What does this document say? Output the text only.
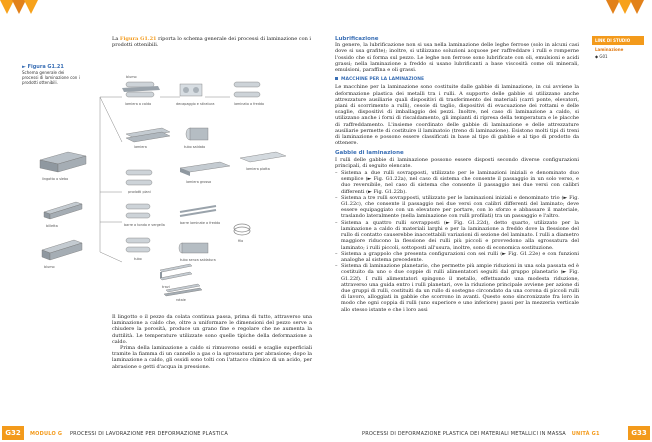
La Figura G1.21 riporta lo schema generale dei processi di laminazione con i prodotti ottenibili.
► Figura G1.21
Schema generale dei processi di laminazione con i prodotti ottenibili.
lingotto o slebo
billetta
blumo
lamiera a caldo	decapaggio e stiratura	laminato a freddo
lamiera	tubo saldato
prodotti piani
lamiera grossa
lamiera piatta
barre a tondo e vergella	barre laminate a freddo
filo
tubo	tubo senza saldatura
travi
rotaie
blumo

Il lingotto o il pezzo da colata continua passa, prima di tutto, attraverso una laminazione a caldo che, oltre a uniformare le dimensioni del pezzo serve a chiudere la porosità, produce un grano fine e regolare che ne aumenta la duttilità. Le temperature utilizzate sono quelle tipiche della deformazione a caldo.

Prima della laminazione a caldo si rimuovono ossidi e scaglie superficiali tramite la fiamma di un cannello a gas o la sgrossatura per abrasione; dopo la laminazione a caldo, gli ossidi sono tolti con l'attacco chimico di un acido, per abrasione o getti d'acqua in pressione.

Lubrificazione

In genere, la lubrificazione non si usa nella laminazione delle leghe ferrose (solo in alcuni casi dove si usa grafite); inoltre, si utilizzano soluzioni acquose per raffreddare i rulli e romperne l'ossido che si forma sul pezzo. Le leghe non ferrose sono lubrificate con oli, emulsioni e acidi grassi; nella laminazione a freddo si usano lubrificanti a base viscosità come oli minerali, emulsioni, paraffina e oli grassi.

MACCHINE PER LA LAMINAZIONE

Le macchine per la laminazione sono costituite dalle gabbie di laminazione, in cui avviene la deformazione plastica dei metalli tra i rulli. A supporto delle gabbie si utilizzano anche attrezzature ausiliarie quali dispositivi di trasferimento dei materiali (carri ponte, elevatori, piani di scorrimento a rulli), cesoie di taglio, dispositivi di evacuazione dei rottami e delle scaglie, dispositivi di imballaggio dei pezzi. Inoltre, nel caso di laminazione a caldo, si utilizzano anche i forni di riscaldamento, gli impianti di ripresa della temperatura e le placche di raffreddamento. L'insieme coordinato delle gabbie di laminazione e delle attrezzature ausiliarie permette di costituire il laminatoio (treno di laminazione). Esistono molti tipi di treni di laminazione e possono essere classificati in base al tipo di gabbie e al tipo di prodotto da ottenere.

Gabbie di laminazione

I rulli delle gabbie di laminazione possono essere disposti secondo diverse configurazioni principali, di seguito elencate.

– Sistema a due rulli sovrapposti, utilizzato per le laminazioni iniziali e denominato duo semplice (► Fig. G1.22a), nel caso di sistema che consente il passaggio in un solo verso, e duo reversibile, nel caso di sistema che consente il passaggio nei due versi con calibri differenti (► Fig. G1.22b).
– Sistema a tre rulli sovrapposti, utilizzato per le laminazioni iniziali e denominato trio (► Fig. G1.22c), che consente il passaggio nei due versi con calibri differenti del laminato; deve essere equipaggiato con un elevatore per portare, con lo sforzo e abbassare il materiale, traslando lateralmente (nella laminazione con rulli profilati) tra un passaggio e l'altro.
– Sistema a quattro rulli sovrapposti (► Fig. G1.22d), detto quarto, utilizzato per la laminazione a caldo di materiali larghi e per la laminazione a freddo dove la flessione del rullo di contatto causerebbe inaccettabili variazioni di sezione del laminato. I rulli a diametro maggiore riducono la flessione dei rulli più piccoli e provvedono alla sgrossatura del laminato; i rulli piccoli, sottoposti all'usura, inoltre, sono di economica sostituzione.
– Sistema a grappolo che presenta configurazioni con sei rulli (► Fig. G1.22e) e con funzioni analoghe al sistema precedente.
– Sistema di laminazione planetario, che permette più ampie riduzioni in una sola passata ed è costituito da uno o due coppie di rulli alimentatori seguiti dal gruppo planetario (► Fig. G1.22f). I rulli alimentatori spingono il metallo, effettuando una modesta riduzione, attraverso una guida entro i rulli planetari, ove la riduzione principale avviene per azione di due gruppi di rulli, costituiti da un rullo di sostegno circondato da una corona di piccoli rulli di lavoro, alloggiati in gabbie che scorrono in avanti. Questo sono sincronizzate fra loro in modo che ogni coppia di rulli (uno superiore e uno inferiore) passi per la mezzeria verticale allo stesso istante e che i loro assi
LINK DI STUDIO
Laminazione
◆ G01
G32	MODULO G PROCESSI DI LAVORAZIONE PER DEFORMAZIONE PLASTICA	PROCESSI DI DEFORMAZIONE PLASTICA DEI MATERIALI METALLICI IN MASSA UNITÀ G1	G33
